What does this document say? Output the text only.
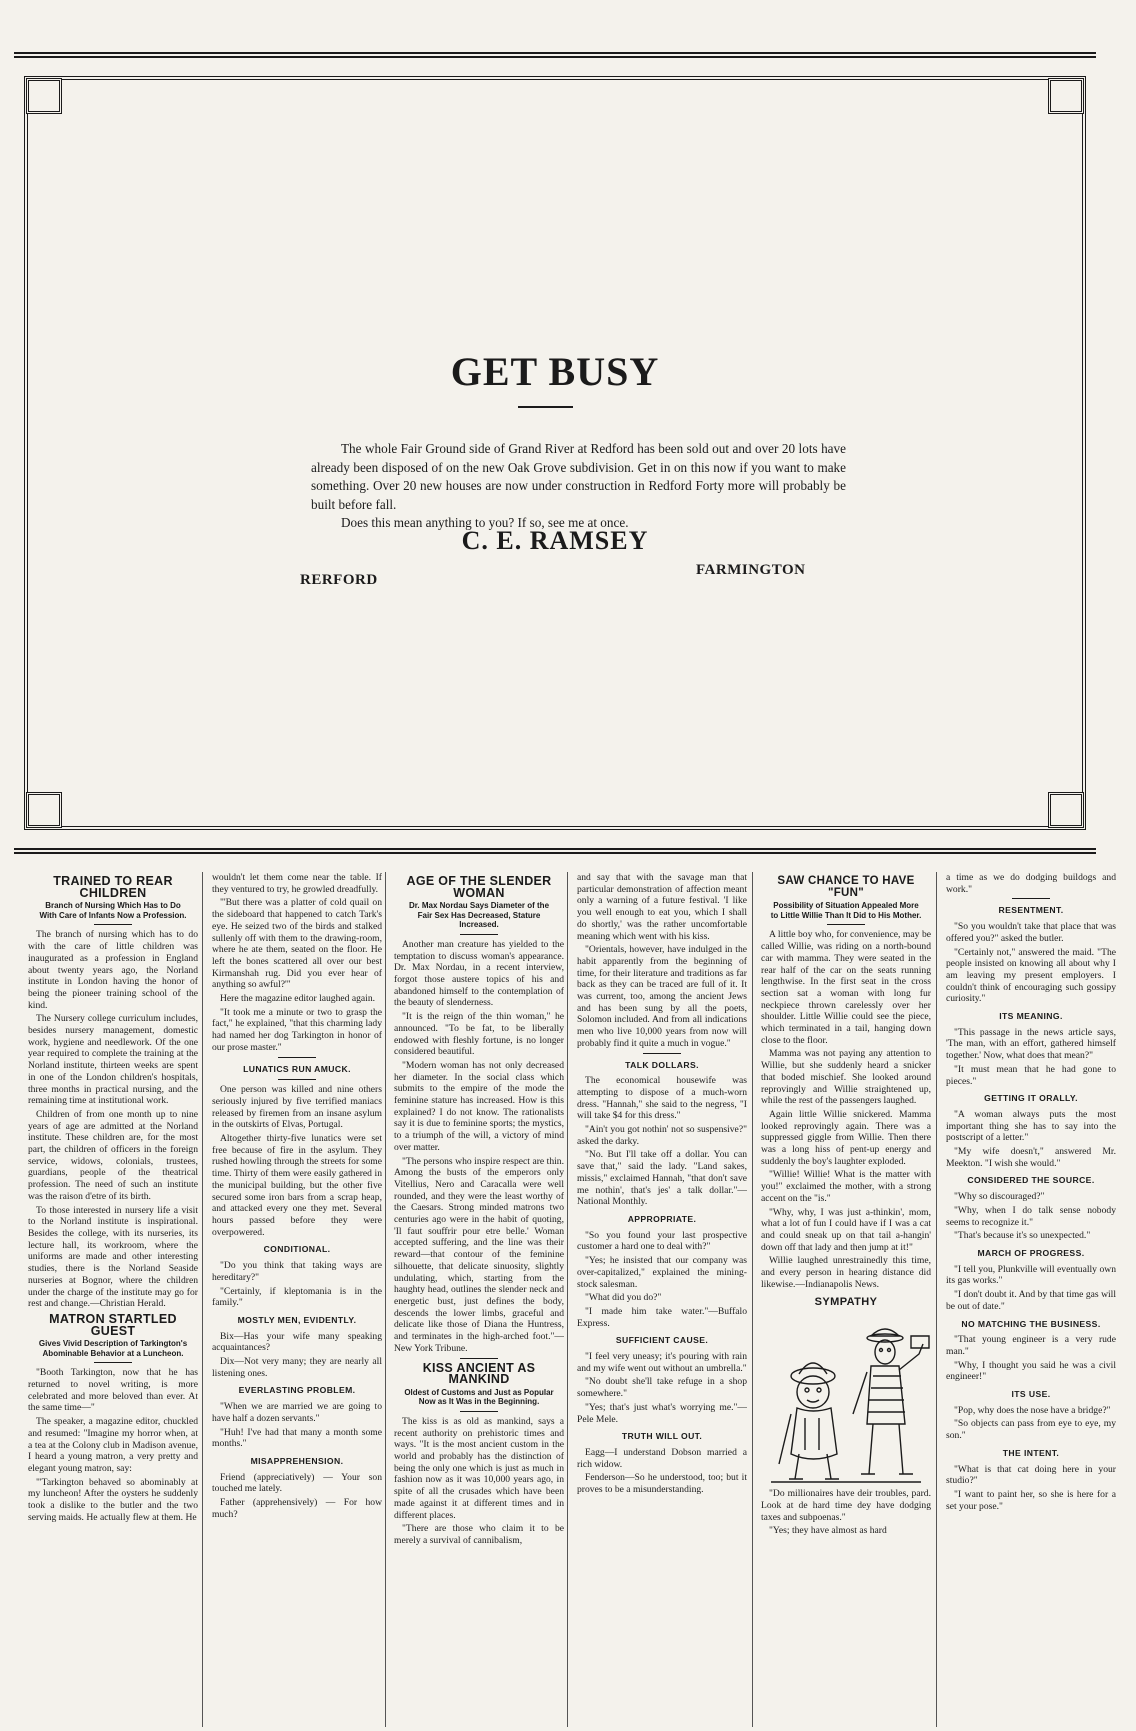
GET BUSY
The whole Fair Ground side of Grand River at Redford has been sold out and over 20 lots have already been disposed of on the new Oak Grove subdivision. Get in on this now if you want to make something. Over 20 new houses are now under construction in Redford Forty more will probably be built before fall.
Does this mean anything to you? If so, see me at once.
C. E. RAMSEY
RERFORD
FARMINGTON
TRAINED TO REAR CHILDREN
Branch of Nursing Which Has to Do With Care of Infants Now a Profession.

The branch of nursing which has to do with the care of little children was inaugurated as a profession in England about twenty years ago, the Norland institute in London having the honor of being the pioneer training school of the kind.

The Nursery college curriculum includes, besides nursery management, domestic work, hygiene and needlework. Of the one year required to complete the training at the Norland institute, thirteen weeks are spent in one of the London children's hospitals, three months in practical nursing, and the remaining time at institutional work.

Children of from one month up to nine years of age are admitted at the Norland institute. These children are, for the most part, the children of officers in the foreign service, widows, colonials, trustees, guardians, people of the theatrical profession. The need of such an institute was the raison d'etre of its birth.

To those interested in nursery life a visit to the Norland institute is inspirational. Besides the college, with its nurseries, its lecture hall, its workroom, where the uniforms are made and other interesting studies, there is the Norland Seaside nurseries at Bognor, where the children under the charge of the institute may go for rest and change.—Christian Herald.

MATRON STARTLED GUEST
Gives Vivid Description of Tarkington's Abominable Behavior at a Luncheon.

"Booth Tarkington, now that he has returned to novel writing, is more celebrated and more beloved than ever. At the same time—"

The speaker, a magazine editor, chuckled and resumed: "Imagine my horror when, at a tea at the Colony club in Madison avenue, I heard a young matron, a very pretty and elegant young matron, say:

"'Tarkington behaved so abominably at my luncheon! After the oysters he suddenly took a dislike to the butler and the two serving maids. He actually flew at them. He

wouldn't let them come near the table. If they ventured to try, he growled dreadfully.

"'But there was a platter of cold quail on the sideboard that happened to catch Tark's eye. He seized two of the birds and stalked sullenly off with them to the drawing-room, where he ate them, seated on the floor. He left the bones scattered all over our best Kirmanshah rug. Did you ever hear of anything so awful?'"

Here the magazine editor laughed again.

"It took me a minute or two to grasp the fact," he explained, "that this charming lady had named her dog Tarkington in honor of our prose master."

LUNATICS RUN AMUCK.

One person was killed and nine others seriously injured by five terrified maniacs released by firemen from an insane asylum in the outskirts of Elvas, Portugal.

Altogether thirty-five lunatics were set free because of fire in the asylum. They rushed howling through the streets for some time. Thirty of them were easily gathered in the municipal building, but the other five secured some iron bars from a scrap heap, and attacked every one they met. Several hours passed before they were overpowered.

CONDITIONAL.

"Do you think that taking ways are hereditary?"

"Certainly, if kleptomania is in the family."

MOSTLY MEN, EVIDENTLY.

Bix—Has your wife many speaking acquaintances?

Dix—Not very many; they are nearly all listening ones.

EVERLASTING PROBLEM.

"When we are married we are going to have half a dozen servants."

"Huh! I've had that many a month some months."

MISAPPREHENSION.

Friend (appreciatively) — Your son touched me lately.

Father (apprehensively) — For how much?

AGE OF THE SLENDER WOMAN
Dr. Max Nordau Says Diameter of the Fair Sex Has Decreased, Stature Increased.

Another man creature has yielded to the temptation to discuss woman's appearance. Dr. Max Nordau, in a recent interview, forgot those austere topics of his and abandoned himself to the contemplation of the beauty of slenderness.

"It is the reign of the thin woman," he announced. "To be fat, to be liberally endowed with fleshly fortune, is no longer considered beautiful.

"Modern woman has not only decreased her diameter. In the social class which submits to the empire of the mode the feminine stature has increased. How is this explained? I do not know. The rationalists say it is due to feminine sports; the mystics, to a triumph of the will, a victory of mind over matter.

"The persons who inspire respect are thin. Among the busts of the emperors only Vitellius, Nero and Caracalla were well rounded, and they were the least worthy of the Caesars. Strong minded matrons two centuries ago were in the habit of quoting, 'Il faut souffrir pour etre belle.' Woman accepted suffering, and the line was their reward—that contour of the feminine silhouette, that delicate sinuosity, slightly undulating, which, starting from the haughty head, outlines the slender neck and energetic bust, just defines the body, descends the lower limbs, graceful and delicate like those of Diana the Huntress, and terminates in the high-arched foot."—New York Tribune.

KISS ANCIENT AS MANKIND
Oldest of Customs and Just as Popular Now as It Was in the Beginning.

The kiss is as old as mankind, says a recent authority on prehistoric times and ways. "It is the most ancient custom in the world and probably has the distinction of being the only one which is just as much in fashion now as it was 10,000 years ago, in spite of all the crusades which have been made against it at different times and in different places.

"There are those who claim it to be merely a survival of cannibalism,

and say that with the savage man that particular demonstration of affection meant only a warning of a future festival. 'I like you well enough to eat you, which I shall do shortly,' was the rather uncomfortable meaning which went with his kiss.

"Orientals, however, have indulged in the habit apparently from the beginning of time, for their literature and traditions as far back as they can be traced are full of it. It was current, too, among the ancient Jews and has been sung by all the poets, Solomon included. And from all indications men who live 10,000 years from now will probably find it quite a much in vogue."

TALK DOLLARS.

The economical housewife was attempting to dispose of a much-worn dress. "Hannah," she said to the negress, "I will take $4 for this dress."

"Ain't you got nothin' not so suspensive?" asked the darky.

"No. But I'll take off a dollar. You can save that," said the lady. "Land sakes, missis," exclaimed Hannah, "that don't save me nothin', that's jes' a talk dollar."—National Monthly.

APPROPRIATE.

"So you found your last prospective customer a hard one to deal with?"

"Yes; he insisted that our company was over-capitalized," explained the mining-stock salesman.

"What did you do?"

"I made him take water."—Buffalo Express.

SUFFICIENT CAUSE.

"I feel very uneasy; it's pouring with rain and my wife went out without an umbrella."

"No doubt she'll take refuge in a shop somewhere."

"Yes; that's just what's worrying me."—Pele Mele.

TRUTH WILL OUT.

Eagg—I understand Dobson married a rich widow.

Fenderson—So he understood, too; but it proves to be a misunderstanding.

SAW CHANCE TO HAVE "FUN"
Possibility of Situation Appealed More to Little Willie Than It Did to His Mother.

A little boy who, for convenience, may be called Willie, was riding on a north-bound car with mamma. They were seated in the rear half of the car on the seats running lengthwise. In the first seat in the cross section sat a woman with long fur neckpiece thrown carelessly over her shoulder. Little Willie could see the piece, which terminated in a tail, hanging down close to the floor.

Mamma was not paying any attention to Willie, but she suddenly heard a snicker that boded mischief. She looked around reprovingly and Willie straightened up, while the rest of the passengers laughed.

Again little Willie snickered. Mamma looked reprovingly again. There was a suppressed giggle from Willie. Then there was a long hiss of pent-up energy and suddenly the boy's laughter exploded.

"Willie! Willie! What is the matter with you!" exclaimed the mother, with a strong accent on the "is."

"Why, why, I was just a-thinkin', mom, what a lot of fun I could have if I was a cat and could sneak up on that tail a-hangin' down off that lady and then jump at it!"

Willie laughed unrestrainedly this time, and every person in hearing distance did likewise.—Indianapolis News.

SYMPATHY

"Do millionaires have deir troubles, pard. Look at de hard time dey have dodging taxes and subpoenas."

"Yes; they have almost as hard

a time as we do dodging buildogs and work."

RESENTMENT.

"So you wouldn't take that place that was offered you?" asked the butler.

"Certainly not," answered the maid. "The people insisted on knowing all about why I am leaving my present employers. I couldn't think of encouraging such gossipy curiosity."

ITS MEANING.

"This passage in the news article says, 'The man, with an effort, gathered himself together.' Now, what does that mean?"

"It must mean that he had gone to pieces."

GETTING IT ORALLY.

"A woman always puts the most important thing she has to say into the postscript of a letter."

"My wife doesn't," answered Mr. Meekton. "I wish she would."

CONSIDERED THE SOURCE.

"Why so discouraged?"

"Why, when I do talk sense nobody seems to recognize it."

"That's because it's so unexpected."

MARCH OF PROGRESS.

"I tell you, Plunkville will eventually own its gas works."

"I don't doubt it. And by that time gas will be out of date."

NO MATCHING THE BUSINESS.

"That young engineer is a very rude man."

"Why, I thought you said he was a civil engineer!"

ITS USE.

"Pop, why does the nose have a bridge?"

"So objects can pass from eye to eye, my son."

THE INTENT.

"What is that cat doing here in your studio?"

"I want to paint her, so she is here for a set your pose."
